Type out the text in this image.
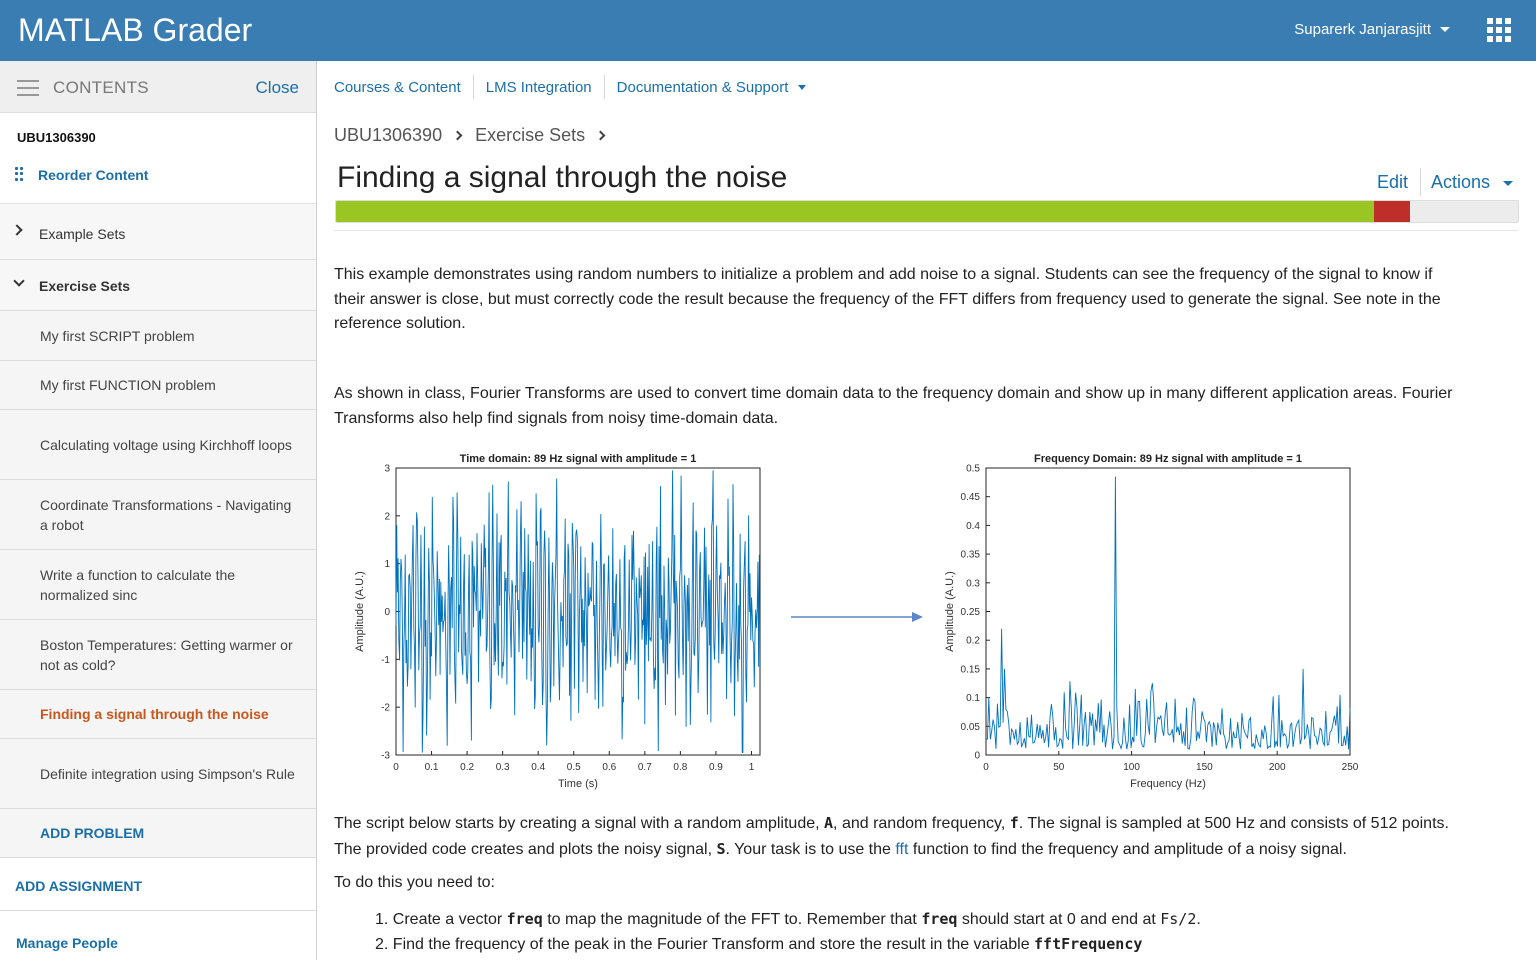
MATLAB Grader	Suparerk Janjarasjitt
CONTENTS	Close
UBU1306390
Reorder Content
Example Sets
Exercise Sets
My first SCRIPT problem
My first FUNCTION problem
Calculating voltage using Kirchhoff loops
Coordinate Transformations - Navigating a robot
Write a function to calculate the normalized sinc
Boston Temperatures: Getting warmer or not as cold?
Finding a signal through the noise
Definite integration using Simpson's Rule
ADD PROBLEM
ADD ASSIGNMENT
Manage People
Courses & Content LMS Integration Documentation & Support
UBU1306390 Exercise Sets
Finding a signal through the noise	Edit Actions
This example demonstrates using random numbers to initialize a problem and add noise to a signal. Students can see the frequency of the signal to know if their answer is close, but must correctly code the result because the frequency of the FFT differs from frequency used to generate the signal. See note in the reference solution.
As shown in class, Fourier Transforms are used to convert time domain data to the frequency domain and show up in many different application areas. Fourier Transforms also help find signals from noisy time-domain data.
Time domain: 89 Hz signal with amplitude = 1
Time (s)
Amplitude (A.U.)
0	0.1 0.2 0.3 0.4 0.5 0.6 0.7 0.8 0.9	1
3
2
1
0
-1
-2
-3
Frequency Domain: 89 Hz signal with amplitude = 1
Frequency (Hz)
Amplitude (A.U.)
0	50	100	150	200	250
0.5
0.45
0.4
0.35
0.3
0.25
0.2
0.15
0.1
0.05
0
The script below starts by creating a signal with a random amplitude, A, and random frequency, f. The signal is sampled at 500 Hz and consists of 512 points. The provided code creates and plots the noisy signal, S. Your task is to use the fft function to find the frequency and amplitude of a noisy signal.
To do this you need to:
1. Create a vector freq to map the magnitude of the FFT to. Remember that freq should start at 0 and end at Fs/2.
2. Find the frequency of the peak in the Fourier Transform and store the result in the variable fftFrequency
